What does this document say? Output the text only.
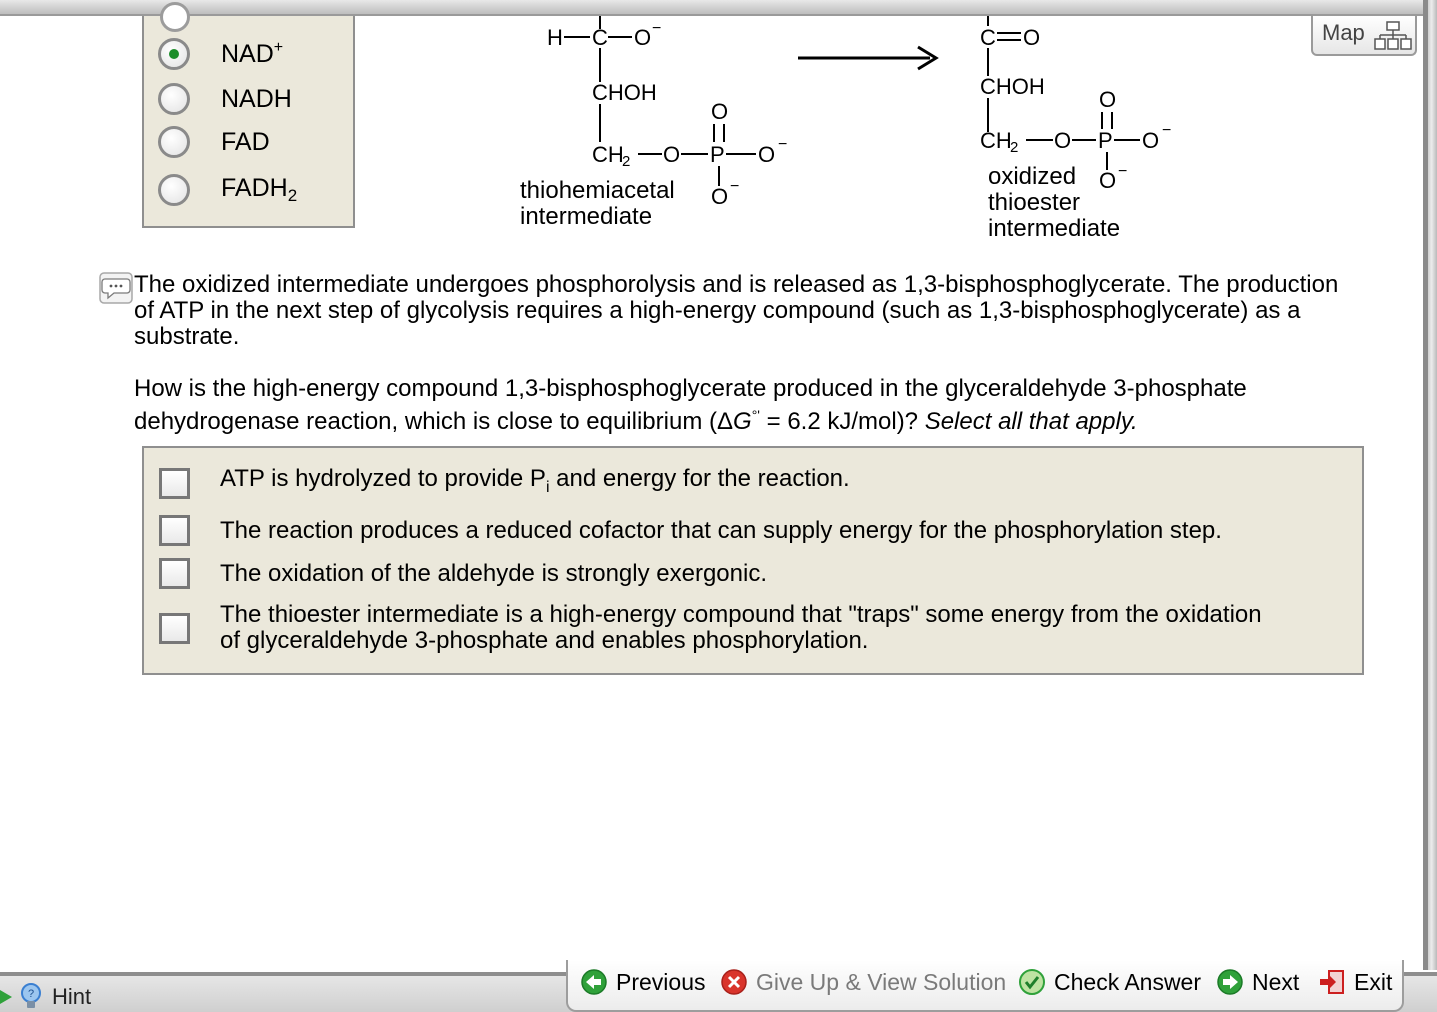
Map
NAD+
NADH
FAD
$FADH_2$
H C O −
CHOH
CH
2 O P O −
O
O −
C O
CHOH
CH
2 O P O −
O
O −
thiohemiacetal
intermediate
oxidized
thioester
intermediate
The oxidized intermediate undergoes phosphorolysis and is released as 1,3-bisphosphoglycerate. The production of ATP in the next step of glycolysis requires a high-energy compound (such as 1,3-bisphosphoglycerate) as a substrate.
How is the high-energy compound 1,3-bisphosphoglycerate produced in the glyceraldehyde 3-phosphate dehydrogenase reaction, which is close to equilibrium (ΔG°' = 6.2 kJ/mol)? Select all that apply.
ATP is hydrolyzed to provide $P_i$ and energy for the reaction.
The reaction produces a reduced cofactor that can supply energy for the phosphorylation step.
The oxidation of the aldehyde is strongly exergonic.
The thioester intermediate is a high-energy compound that "traps" some energy from the oxidation of glyceraldehyde 3-phosphate and enables phosphorylation.
? Hint
Previous Give Up & View Solution Check Answer Next Exit
